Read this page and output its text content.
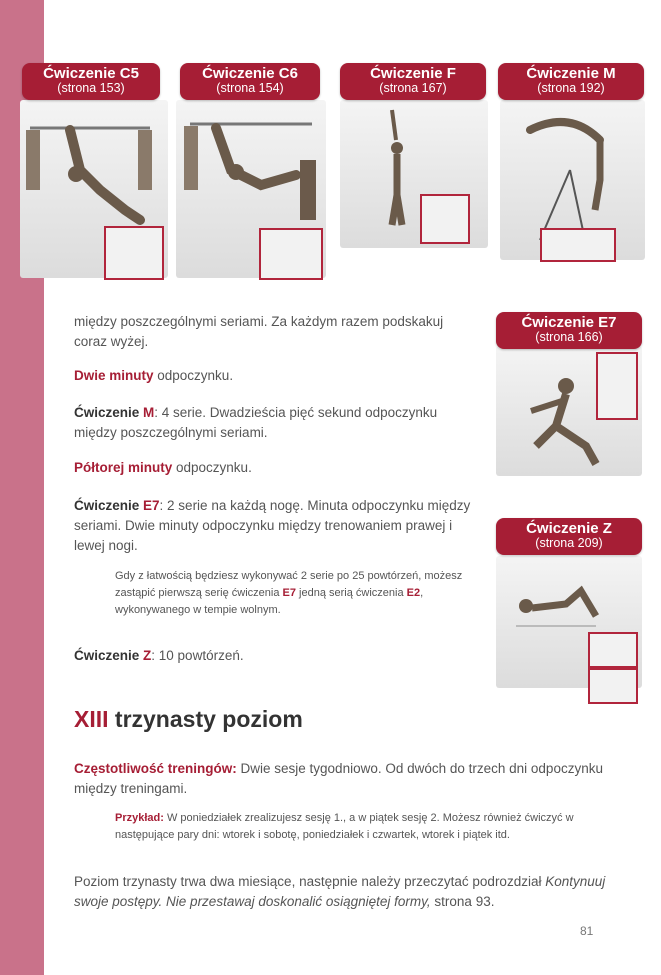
Ćwiczenie C5
(strona 153)
Ćwiczenie C6
(strona 154)
Ćwiczenie F
(strona 167)
Ćwiczenie M
(strona 192)
Ćwiczenie E7
(strona 166)
Ćwiczenie Z
(strona 209)
między poszczególnymi seriami. Za każdym razem podskakuj coraz wyżej.
Dwie minuty odpoczynku.
Ćwiczenie M: 4 serie. Dwadzieścia pięć sekund odpoczynku między poszczególnymi seriami.
Półtorej minuty odpoczynku.
Ćwiczenie E7: 2 serie na każdą nogę. Minuta odpoczynku między seriami. Dwie minuty odpoczynku między trenowaniem prawej i lewej nogi.
Gdy z łatwością będziesz wykonywać 2 serie po 25 powtórzeń, możesz zastąpić pierwszą serię ćwiczenia E7 jedną serią ćwiczenia E2, wykonywanego w tempie wolnym.
Ćwiczenie Z: 10 powtórzeń.
XIII trzynasty poziom
Częstotliwość treningów: Dwie sesje tygodniowo. Od dwóch do trzech dni odpoczynku między treningami.
Przykład: W poniedziałek zrealizujesz sesję 1., a w piątek sesję 2. Możesz również ćwiczyć w następujące pary dni: wtorek i sobotę, poniedziałek i czwartek, wtorek i piątek itd.
Poziom trzynasty trwa dwa miesiące, następnie należy przeczytać podrozdział Kontynuuj swoje postępy. Nie przestawaj doskonalić osiągniętej formy, strona 93.
81
